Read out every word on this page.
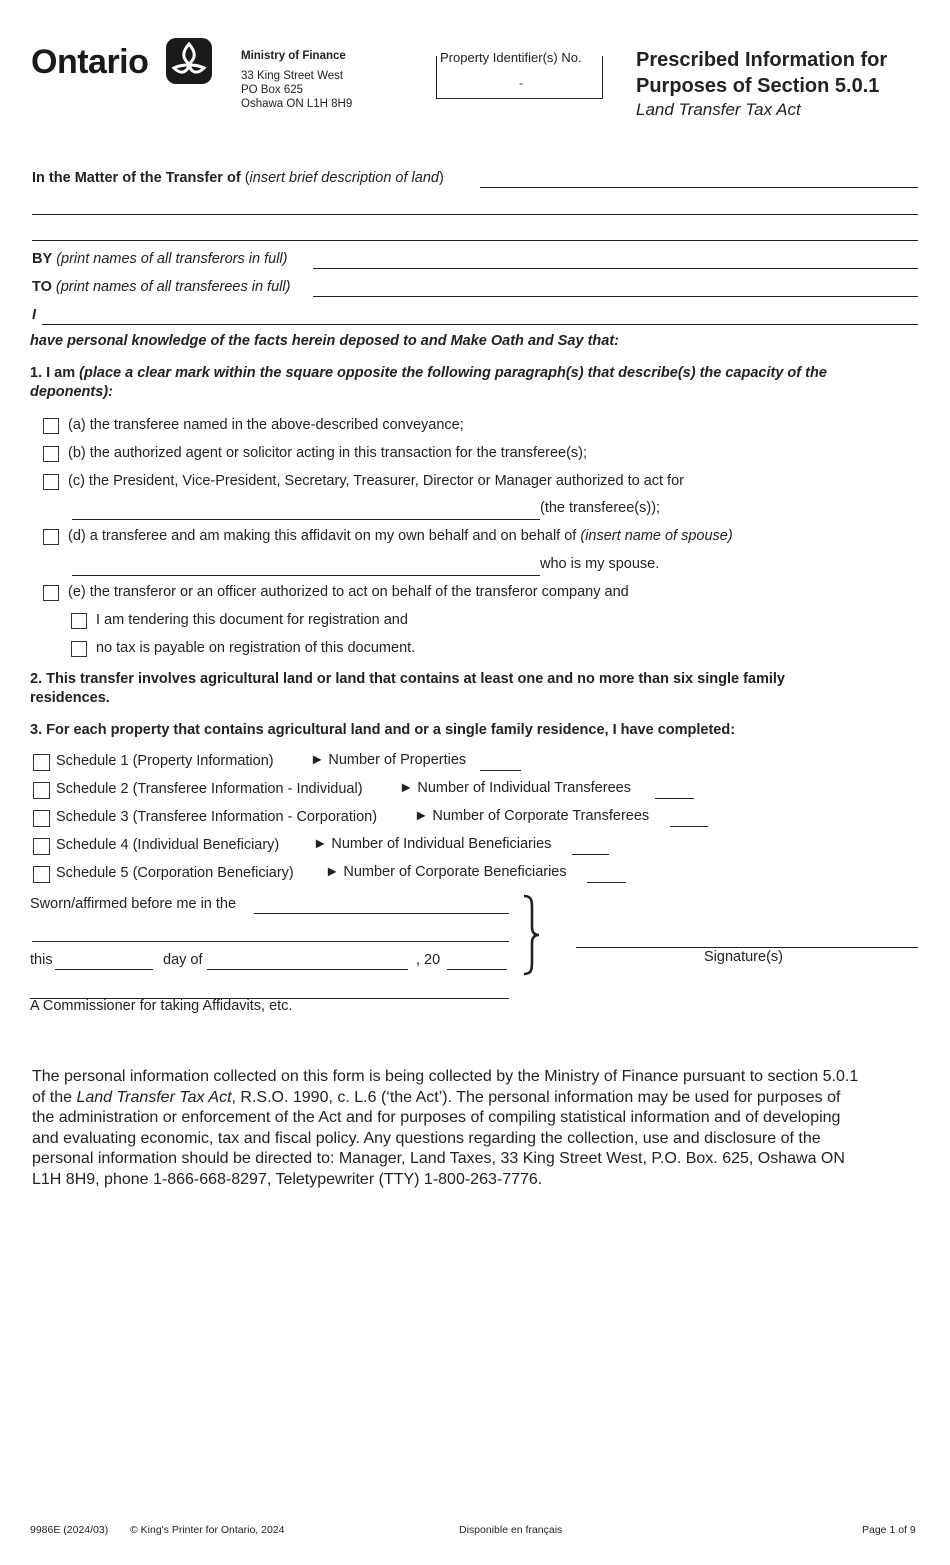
Ontario	Ministry of Finance
33 King Street West
PO Box 625
Oshawa ON L1H 8H9
Property Identifier(s) No.
-
Prescribed Information for
Purposes of Section 5.0.1
Land Transfer Tax Act
In the Matter of the Transfer of (insert brief description of land)
BY (print names of all transferors in full)
TO (print names of all transferees in full)
I
have personal knowledge of the facts herein deposed to and Make Oath and Say that:
1. I am (place a clear mark within the square opposite the following paragraph(s) that describe(s) the capacity of the
deponents):
(a) the transferee named in the above-described conveyance;
(b) the authorized agent or solicitor acting in this transaction for the transferee(s);
(c) the President, Vice-President, Secretary, Treasurer, Director or Manager authorized to act for
(the transferee(s));
(d) a transferee and am making this affidavit on my own behalf and on behalf of (insert name of spouse)
who is my spouse.
(e) the transferor or an officer authorized to act on behalf of the transferor company and
I am tendering this document for registration and
no tax is payable on registration of this document.
2. This transfer involves agricultural land or land that contains at least one and no more than six single family
residences.
3. For each property that contains agricultural land and or a single family residence, I have completed:
Schedule 1 (Property Information)	► Number of Properties
Schedule 2 (Transferee Information - Individual)	► Number of Individual Transferees
Schedule 3 (Transferee Information - Corporation)	► Number of Corporate Transferees
Schedule 4 (Individual Beneficiary) ► Number of Individual Beneficiaries
Schedule 5 (Corporation Beneficiary) ► Number of Corporate Beneficiaries
Sworn/affirmed before me in the
this	day of	, 20
A Commissioner for taking Affidavits, etc.
Signature(s)
The personal information collected on this form is being collected by the Ministry of Finance pursuant to section 5.0.1
of the Land Transfer Tax Act, R.S.O. 1990, c. L.6 (‘the Act’). The personal information may be used for purposes of
the administration or enforcement of the Act and for purposes of compiling statistical information and of developing
and evaluating economic, tax and fiscal policy. Any questions regarding the collection, use and disclosure of the
personal information should be directed to: Manager, Land Taxes, 33 King Street West, P.O. Box. 625, Oshawa ON
L1H 8H9, phone 1-866-668-8297, Teletypewriter (TTY) 1-800-263-7776.
9986E (2024/03) © King's Printer for Ontario, 2024	Disponible en français	Page 1 of 9
